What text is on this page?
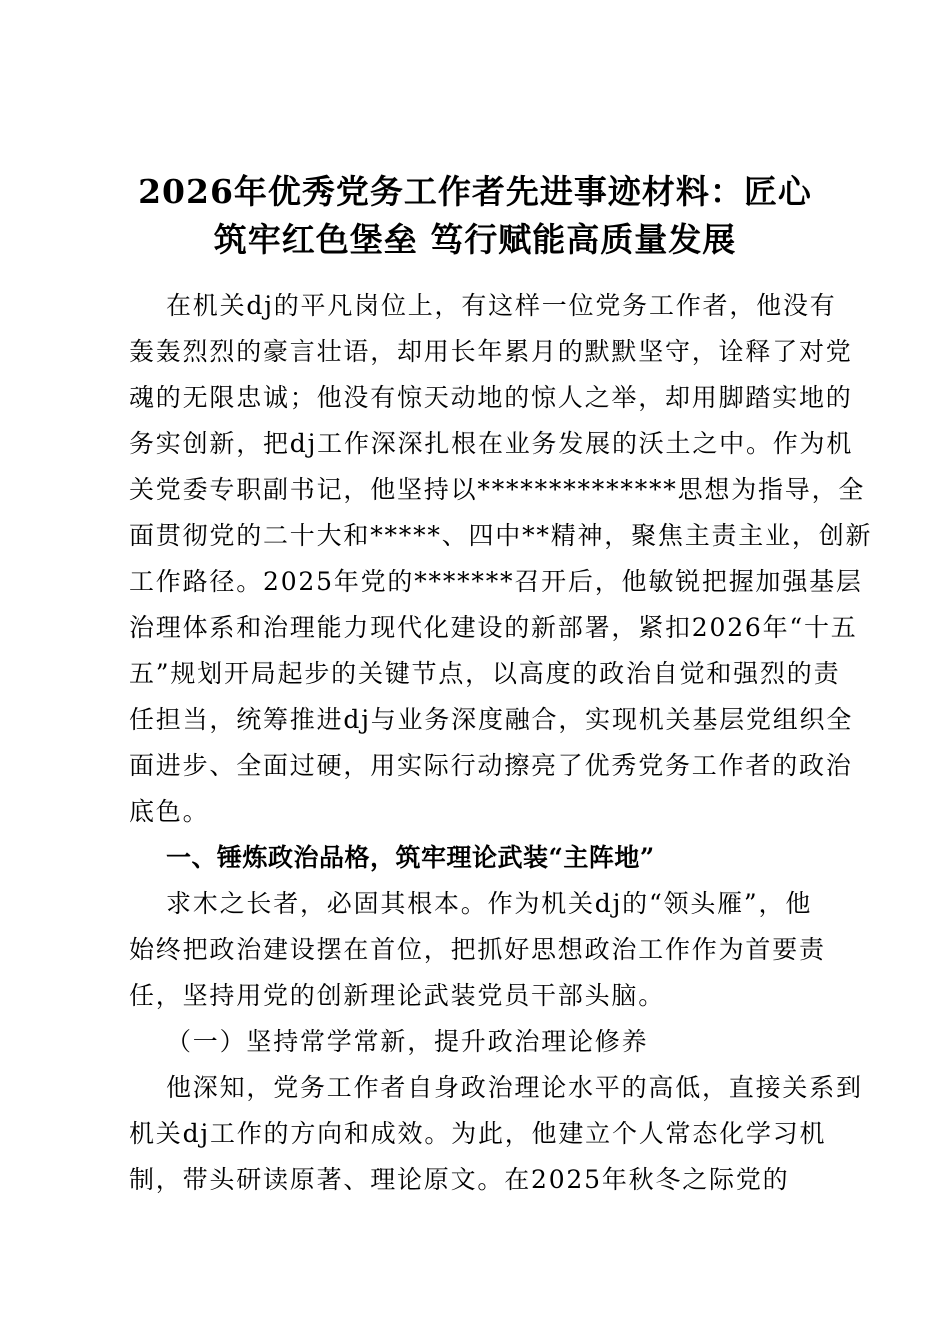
2026年优秀党务工作者先进事迹材料：匠心
筑牢红色堡垒 笃行赋能高质量发展

在机关dj的平凡岗位上，有这样一位党务工作者，他没有

轰轰烈烈的豪言壮语，却用长年累月的默默坚守，诠释了对党

魂的无限忠诚；他没有惊天动地的惊人之举，却用脚踏实地的

务实创新，把dj工作深深扎根在业务发展的沃土之中。作为机

关党委专职副书记，他坚持以**************思想为指导，全

面贯彻党的二十大和*****、四中**精神，聚焦主责主业，创新

工作路径。2025年党的*******召开后，他敏锐把握加强基层

治理体系和治理能力现代化建设的新部署，紧扣2026年“十五

五”规划开局起步的关键节点，以高度的政治自觉和强烈的责

任担当，统筹推进dj与业务深度融合，实现机关基层党组织全

面进步、全面过硬，用实际行动擦亮了优秀党务工作者的政治

底色。

一、锤炼政治品格，筑牢理论武装“主阵地”

求木之长者，必固其根本。作为机关dj的“领头雁”，他

始终把政治建设摆在首位，把抓好思想政治工作作为首要责

任，坚持用党的创新理论武装党员干部头脑。

（一）坚持常学常新，提升政治理论修养

他深知，党务工作者自身政治理论水平的高低，直接关系到

机关dj工作的方向和成效。为此，他建立个人常态化学习机

制，带头研读原著、理论原文。在2025年秋冬之际党的
